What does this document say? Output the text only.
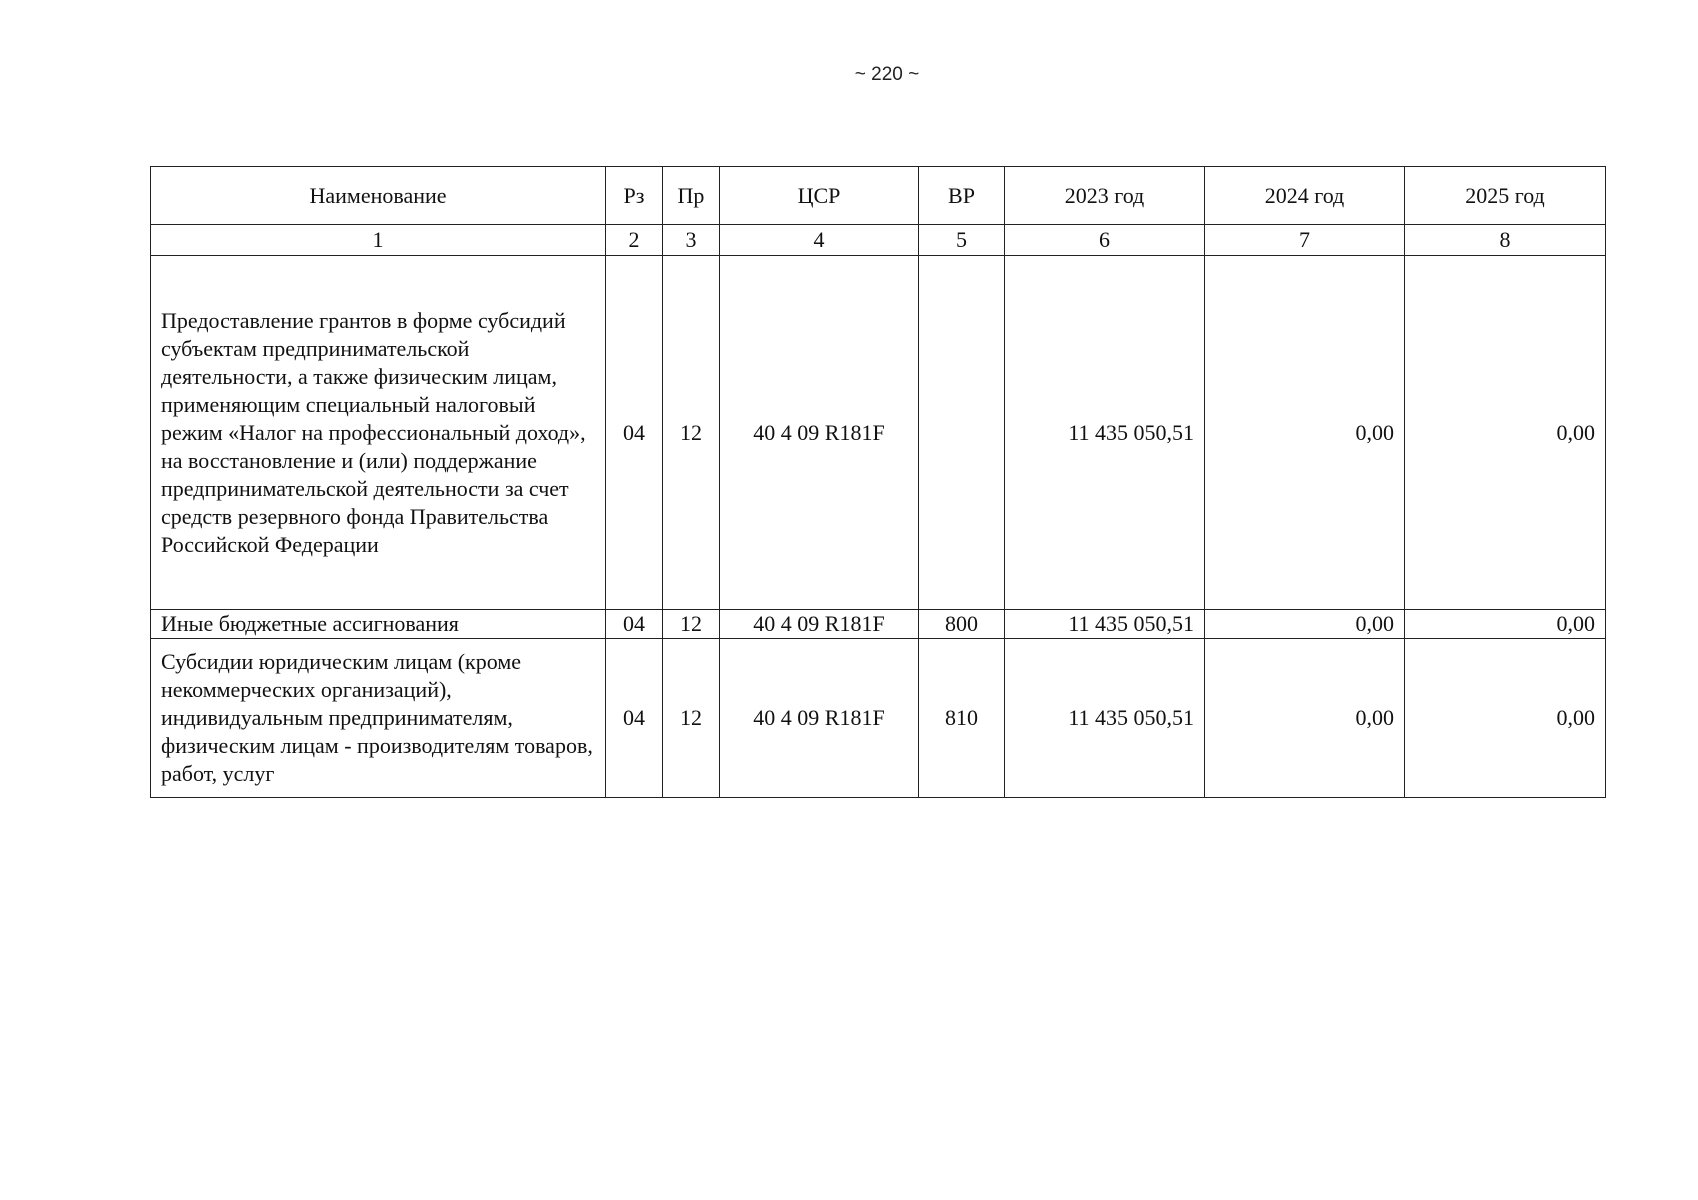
~ 220 ~
Наименование	Рз	Пр	ЦСР	ВР	2023 год	2024 год	2025 год
1	2	3	4	5	6	7	8
Предоставление грантов в форме субсидий субъектам предпринимательской деятельности, а также физическим лицам, применяющим специальный налоговый режим «Налог на профессиональный доход», на восстановление и (или) поддержание предпринимательской деятельности за счет средств резервного фонда Правительства Российской Федерации	04	12	40 4 09 R181F		11 435 050,51	0,00	0,00
Иные бюджетные ассигнования	04	12	40 4 09 R181F	800	11 435 050,51	0,00	0,00
Субсидии юридическим лицам (кроме некоммерческих организаций), индивидуальным предпринимателям, физическим лицам - производителям товаров, работ, услуг	04	12	40 4 09 R181F	810	11 435 050,51	0,00	0,00
